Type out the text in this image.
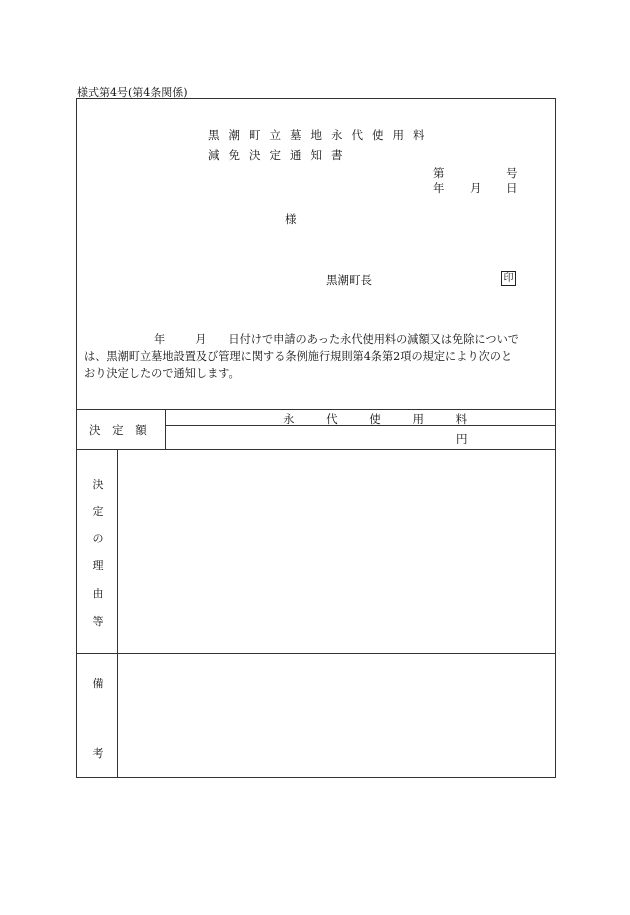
様式第4号(第4条関係)
黒潮町立墓地永代使用料
減免決定通知書
第	号
年 月 日
様
黒潮町長	印
年	月 日付けで申請のあった永代使用料の減額又は免除についで
は、黒潮町立墓地設置及び管理に関する条例施行規則第4条第2項の規定により次のと
おり決定したので通知します。
決 定 額
永 代 使 用 料
円
決
定
の
理
由
等
備
考
